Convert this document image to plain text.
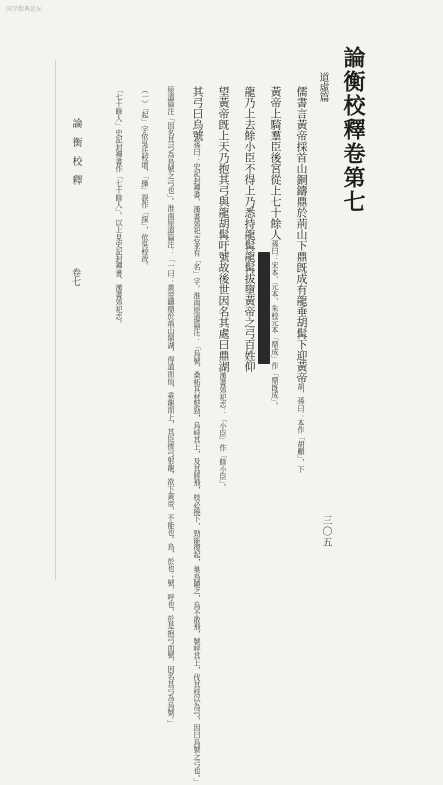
国学数典论坛
論衡校釋卷第七
道虛篇
論衡校釋
卷七
三〇五
儒書言黃帝採首山銅鑄鼎於荊山下鼎旣成有龍垂胡髯下迎黃帝胡，孫曰：本作「胡顧」，下
黃帝上騎羣臣後宮從上七十餘人孫曰：宋本、元本、朱校元本「鼎成」作「鼎旣成」。
龍乃上去餘小臣不得上乃悉持龍髯龍髯拔墮黃帝之弓百姓仰
望黃帝旣上天乃抱其弓與龍胡髯吁號故後世因名其處曰鼎湖漢書郊祀志：「小臣」作「餘小臣」。
其弓曰烏號孫曰：史記封禪書、漢書郊祀志並有「名」字。淮南原道篇注：「烏號，桑柘其材堅勁，烏峙其上，及其將飛，枝必撓下，勁能復起，巢烏隨之，烏不敢飛，號呼其上，伐其枝以為弓，因曰烏號之弓也。」
原道篇注「因名其弓為烏號之弓也」。淮南原道篇注：「一曰：黃帝鑄鼎於荊山鼎湖，得道而仙，乘龍而上，其臣援弓射龍，欲下黃帝，不能也。烏，於也；號，呼也，於是抱弓而號，因名其弓為烏號。」
（一）「起」字依吳氏校增，「操」誤作「探」，依吳校改。
「七十餘人」史記封禪書作「七十餘人」。以上見史記封禪書、漢書郊祀志。
